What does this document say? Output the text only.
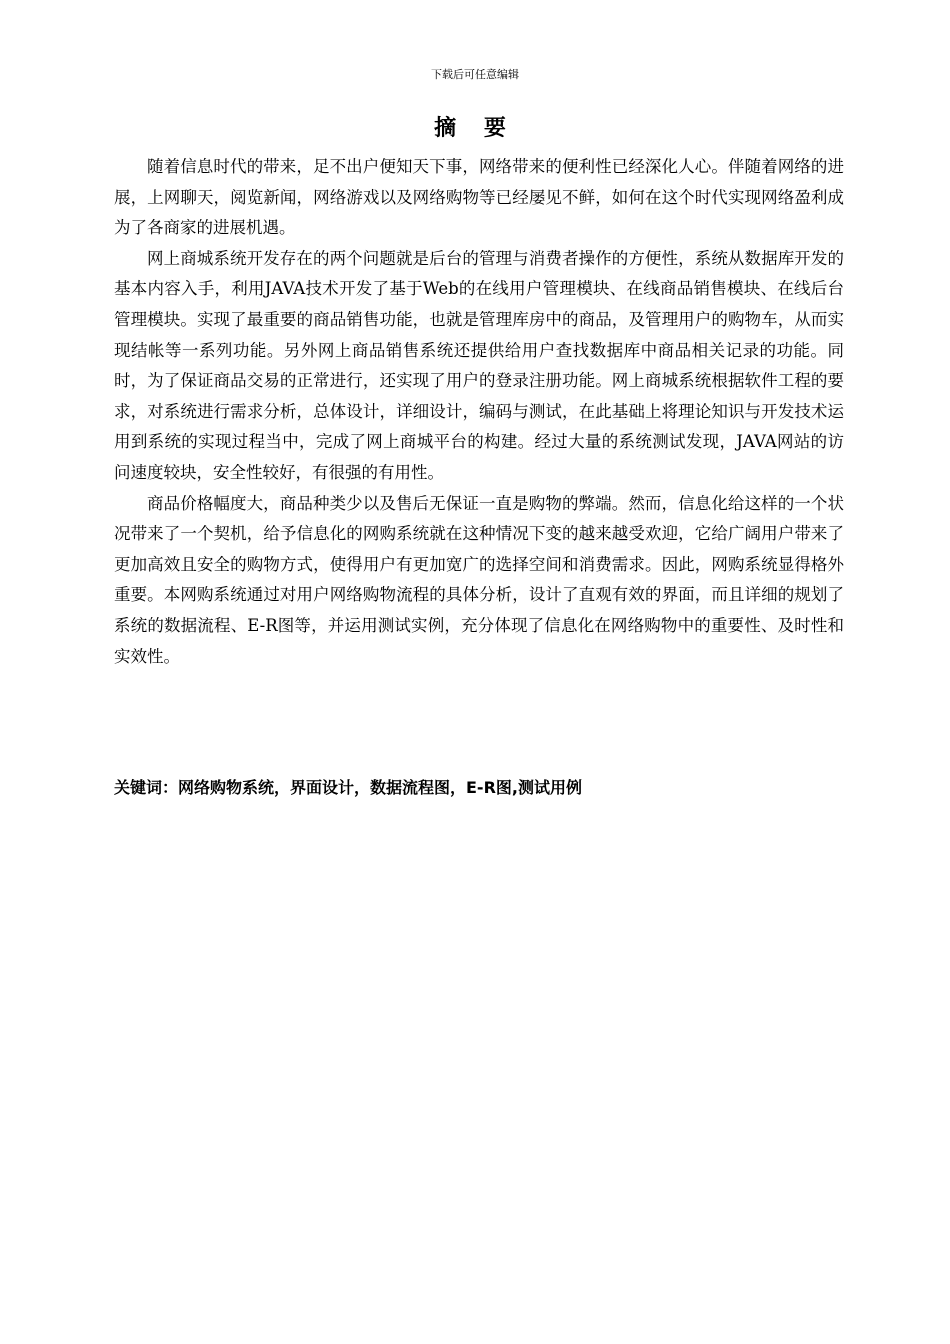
下载后可任意编辑
摘 要

随着信息时代的带来，足不出户便知天下事，网络带来的便利性已经深化人心。伴随着网络的进展，上网聊天，阅览新闻，网络游戏以及网络购物等已经屡见不鲜，如何在这个时代实现网络盈利成为了各商家的进展机遇。

网上商城系统开发存在的两个问题就是后台的管理与消费者操作的方便性，系统从数据库开发的基本内容入手，利用JAVA技术开发了基于Web的在线用户管理模块、在线商品销售模块、在线后台管理模块。实现了最重要的商品销售功能，也就是管理库房中的商品，及管理用户的购物车，从而实现结帐等一系列功能。另外网上商品销售系统还提供给用户查找数据库中商品相关记录的功能。同时，为了保证商品交易的正常进行，还实现了用户的登录注册功能。网上商城系统根据软件工程的要求，对系统进行需求分析，总体设计，详细设计，编码与测试，在此基础上将理论知识与开发技术运用到系统的实现过程当中，完成了网上商城平台的构建。经过大量的系统测试发现，JAVA网站的访问速度较块，安全性较好，有很强的有用性。

商品价格幅度大，商品种类少以及售后无保证一直是购物的弊端。然而，信息化给这样的一个状况带来了一个契机，给予信息化的网购系统就在这种情况下变的越来越受欢迎，它给广阔用户带来了更加高效且安全的购物方式，使得用户有更加宽广的选择空间和消费需求。因此，网购系统显得格外重要。本网购系统通过对用户网络购物流程的具体分析，设计了直观有效的界面，而且详细的规划了系统的数据流程、E-R图等，并运用测试实例，充分体现了信息化在网络购物中的重要性、及时性和实效性。

关键词：网络购物系统，界面设计，数据流程图，E-R图,测试用例
